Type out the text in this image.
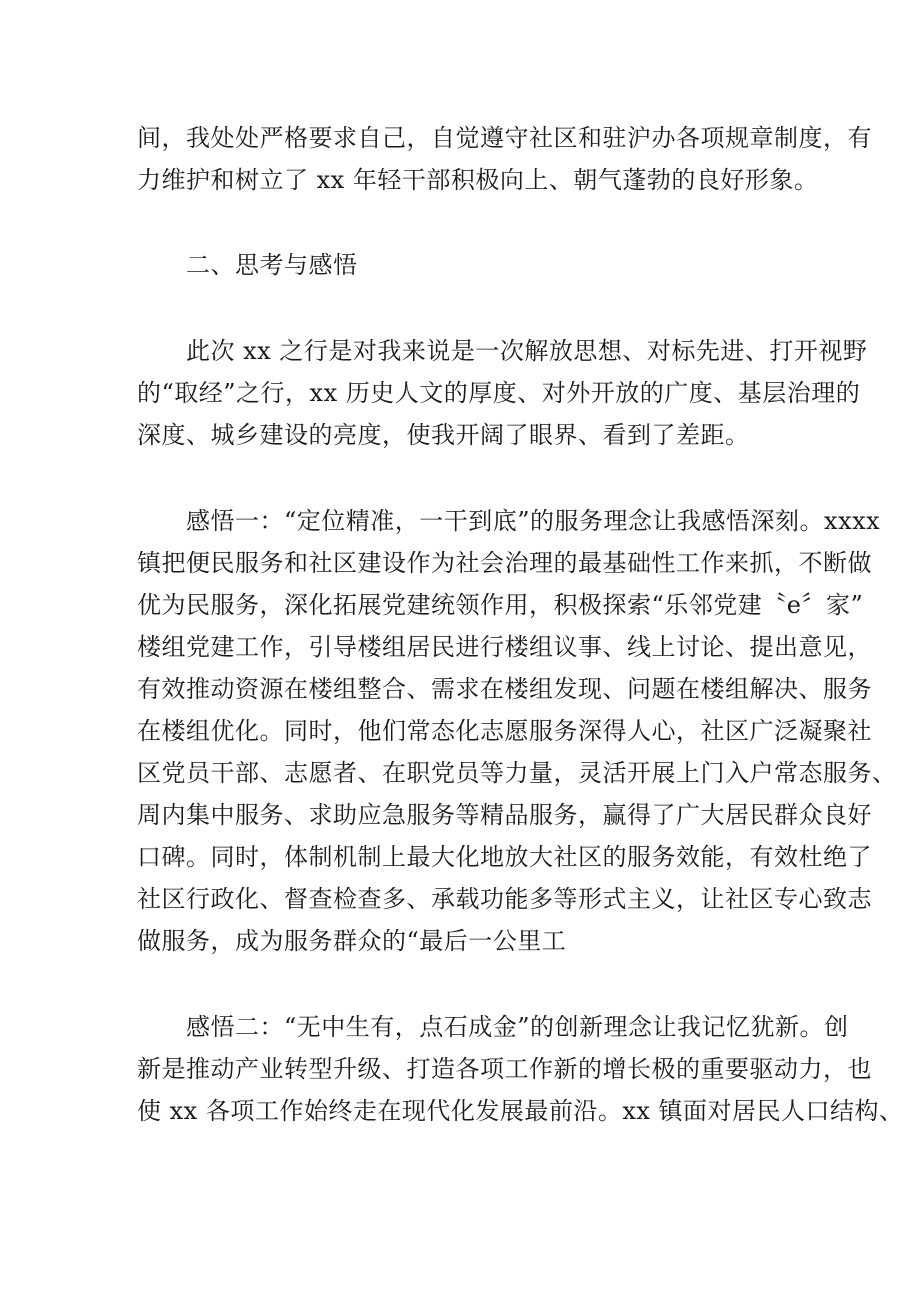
间，我处处严格要求自己，自觉遵守社区和驻沪办各项规章制度，有
力维护和树立了 xx 年轻干部积极向上、朝气蓬勃的良好形象。
二、思考与感悟
此次 xx 之行是对我来说是一次解放思想、对标先进、打开视野
的“取经”之行，xx 历史人文的厚度、对外开放的广度、基层治理的
深度、城乡建设的亮度，使我开阔了眼界、看到了差距。
感悟一：“定位精准，一干到底”的服务理念让我感悟深刻。xxxx
镇把便民服务和社区建设作为社会治理的最基础性工作来抓，不断做
优为民服务，深化拓展党建统领作用，积极探索“乐邻党建〝e〞家”
楼组党建工作，引导楼组居民进行楼组议事、线上讨论、提出意见，
有效推动资源在楼组整合、需求在楼组发现、问题在楼组解决、服务
在楼组优化。同时，他们常态化志愿服务深得人心，社区广泛凝聚社
区党员干部、志愿者、在职党员等力量，灵活开展上门入户常态服务、
周内集中服务、求助应急服务等精品服务，赢得了广大居民群众良好
口碑。同时，体制机制上最大化地放大社区的服务效能，有效杜绝了
社区行政化、督查检查多、承载功能多等形式主义，让社区专心致志
做服务，成为服务群众的“最后一公里工
感悟二：“无中生有，点石成金”的创新理念让我记忆犹新。创
新是推动产业转型升级、打造各项工作新的增长极的重要驱动力，也
使 xx 各项工作始终走在现代化发展最前沿。xx 镇面对居民人口结构、
